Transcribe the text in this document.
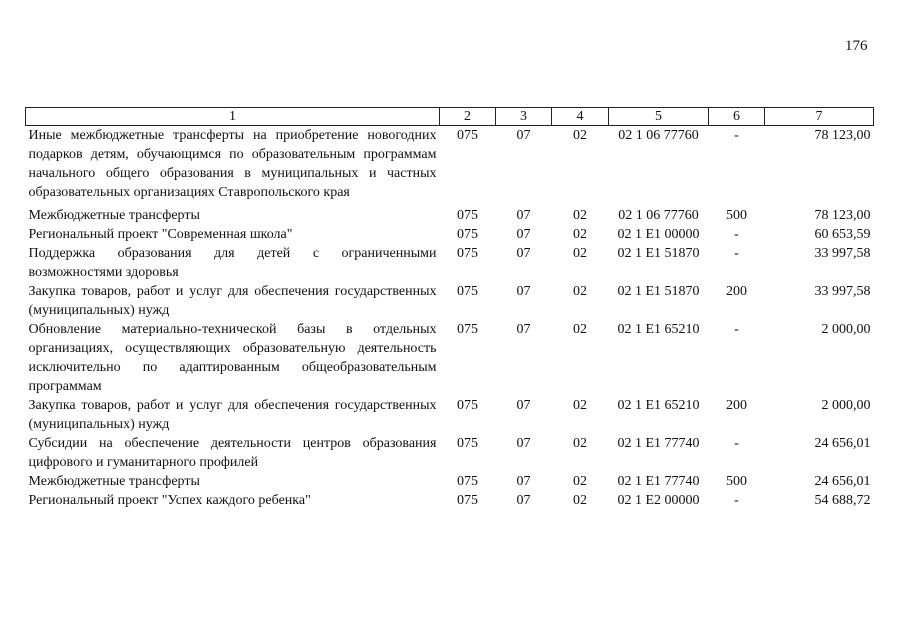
176
1	2	3	4	5	6	7
Иные межбюджетные трансферты на приобретение новогодних подарков детям, обучающимся по образовательным программам начального общего образования в муниципальных и частных образовательных организациях Ставропольского края	075	07	02	02 1 06 77760	-	78 123,00
Межбюджетные трансферты	075	07	02	02 1 06 77760	500	78 123,00
Региональный проект "Современная школа"	075	07	02	02 1 E1 00000	-	60 653,59
Поддержка образования для детей с ограниченными возможностями здоровья	075	07	02	02 1 E1 51870	-	33 997,58
Закупка товаров, работ и услуг для обеспечения государственных (муниципальных) нужд	075	07	02	02 1 E1 51870	200	33 997,58
Обновление материально-технической базы в отдельных организациях, осуществляющих образовательную деятельность исключительно по адаптированным общеобразовательным программам	075	07	02	02 1 E1 65210	-	2 000,00
Закупка товаров, работ и услуг для обеспечения государственных (муниципальных) нужд	075	07	02	02 1 E1 65210	200	2 000,00
Субсидии на обеспечение деятельности центров образования цифрового и гуманитарного профилей	075	07	02	02 1 E1 77740	-	24 656,01
Межбюджетные трансферты	075	07	02	02 1 E1 77740	500	24 656,01
Региональный проект "Успех каждого ребенка"	075	07	02	02 1 E2 00000	-	54 688,72
